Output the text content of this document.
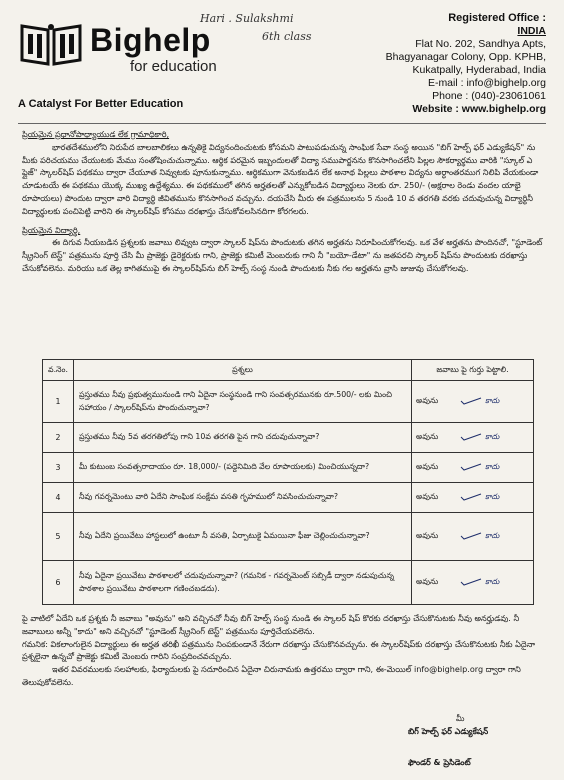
Bighelp
for education
A Catalyst For Better Education
Hari . Sulakshmi
6th class
Registered Office :
INDIA
Flat No. 202, Sandhya Apts,
Bhagyanagar Colony, Opp. KPHB,
Kukatpally, Hyderabad, India
E-mail : info@bighelp.org
Phone : (040)-23061061
Website : www.bighelp.org

ప్రియమైన ప్రధానోపాధ్యాయుడ లేక గ్రామాధికారి,

భారతదేశములోని నిరుపేద బాలబాలికలు ఉన్నతికై విద్యనందించుటకు కోసమని పాటుపడుచున్న సాంఘిక సేవా సంస్థ అయిన "బిగ్ హెల్ప్ ఫర్ ఎడ్యుకేషన్" ను మీకు పరిచయము చేయుటకు మేము సంతోషించుచున్నాము. ఆర్థిక పరమైన ఇబ్బందులతో విద్యా సముపార్జనను కొనసాగించలేని పిల్లల సౌకర్యార్థము వారికి "స్కూల్ ఎ ప్లైజ్" స్కాలర్‌షిప్ పథకము ద్వారా చేయూత నివ్వుటకు పూనుకున్నాము. ఆర్థికముగా వెనుకబడిన లేక అనాథ పిల్లలు పాఠశాల విద్యను అర్ధాంతరముగ నిలిపి వేయకుండా చూడుటయే ఈ పథకము యొక్క ముఖ్య ఉద్దేశ్యము. ఈ పథకములో తగిన అర్హతలతో ఎన్నుకోబడిన విద్యార్థులు నెలకు రూ. 250/- (అక్షరాల రెండు వందల యాభై రూపాయలు) పొందుట ద్వారా వారి విద్యార్థి జీవితమును కొనసాగించ వచ్చును. దయచేసి మీరు ఈ పత్రములను 5 నుండి 10 వ తరగతి వరకు చదువుచున్న విద్యార్థినీ విద్యార్థులకు పంచిపెట్టి వారిని ఈ స్కాలర్‌షిప్ కోసము దరఖాస్తు చేసుకోవలసినదిగా కోరగలరు.

ప్రియమైన విద్యార్థి,

ఈ దిగువ నీయబడిన ప్రశ్నలకు జవాబు లివ్వుట ద్వారా స్కాలర్ షిప్‌ను పొందుటకు తగిన అర్హతను నిరూపించుకోగలవు. ఒక వేళ అర్హతను పొందినచో, "స్టూడెంట్ స్క్రీనింగ్ టెస్ట్" పత్రమును పూర్తి చేసి మీ ప్రాజెక్టు డైరెక్టరుకు గాని, ప్రాజెక్టు కమిటీ మెంబరుకు గాని నీ "బయో-డేటా" ను జతపరచి స్కాలర్ షిప్‌ను పొందుటకు దరఖాస్తు చేసుకోవలెను. మరియు ఒక తెల్ల కాగితముపై ఈ స్కాలర్‌షిప్‌ను బిగ్ హెల్ప్ సంస్థ నుండి పొందుటకు నీకు గల అర్హతను వ్రాసి జుజువు చేసుకోగలవు.

వ.నెం.	ప్రశ్నలు	జవాబు పై గుర్తు పెట్టాలి.
1	ప్రస్తుతము నీవు ప్రభుత్వమునుండి గాని ఏదైనా సంస్థనుండి గాని సంవత్సరమునకు రూ.500/- లకు మించి సహాయం / స్కాలర్‌షిప్‌ను పొందుచున్నావా?	అవును కాదు
2	ప్రస్తుతము నీవు 5వ తరగతిలోపు గాని 10వ తరగతి పైన గాని చదువుచున్నావా?	అవును కాదు
3	మీ కుటుంబ సంవత్సరాదాయం రూ. 18,000/- (పద్దెనిమిది వేల రూపాయలకు) మించియున్నదా?	అవును కాదు
4	నీవు గవర్నమెంటు వారి ఏదేని సాంఘిక సంక్షేమ వసతి గృహములో నివసించుచున్నావా?	అవును కాదు
5	నీవు ఏదేని ప్రయివేటు హాస్టలులో ఉంటూ నీ వసతి, ఏర్పాటుకై ఏమయినా ఫీజు చెల్లించుచున్నావా?	అవును కాదు
6	నీవు ఏదైనా ప్రయివేటు పాఠశాలలో చదువుచున్నావా? (గమనిక - గవర్నమెంట్ సబ్సిడీ ద్వారా నడుపుచున్న పాఠశాల ప్రయివేటు పాఠశాలగా గణించబడదు).	అవును కాదు

పై వాటిలో ఏదేని ఒక ప్రశ్నకు నీ జవాబు "అవును" అని వచ్చినచో నీవు బిగ్ హెల్ప్ సంస్థ నుండి ఈ స్కాలర్ షిప్ కొరకు దరఖాస్తు చేసుకొనుటకు నీవు అనర్హుడవు. నీ జవాబులు అన్నీ "కాదు" అని వచ్చినచో "స్టూడెంట్ స్క్రీనింగ్ టెస్ట్" పత్రమును పూర్తిచేయవలెను.

గమనిక: వికలాంగులైన విద్యార్థులు ఈ అర్హత తరిఖీ పత్రమును నింపకుండానే నేరుగా దరఖాస్తు చేసుకొనవచ్చును. ఈ స్కాలర్‌షిప్‌కు దరఖాస్తు చేసుకొనుటకు నీకు ఏదైనా ప్రశ్నలైనా ఉన్నచో ప్రాజెక్టు కమిటీ మెంబరు గారిని సంప్రదించవచ్చును.

ఇతర వివరములకు సలహాలకు, ఫిర్యాదులకు పై సదూరించిన ఏదైనా చిరునామకు ఉత్తరము ద్వారా గాని, ఈ-మెయిల్ info@bighelp.org ద్వారా గాని తెలుపుకోవలెను.

మీ
బిగ్ హెల్ప్ ఫర్ ఎడ్యుకేషన్
ఫౌండర్ & ప్రెసిడెంట్
